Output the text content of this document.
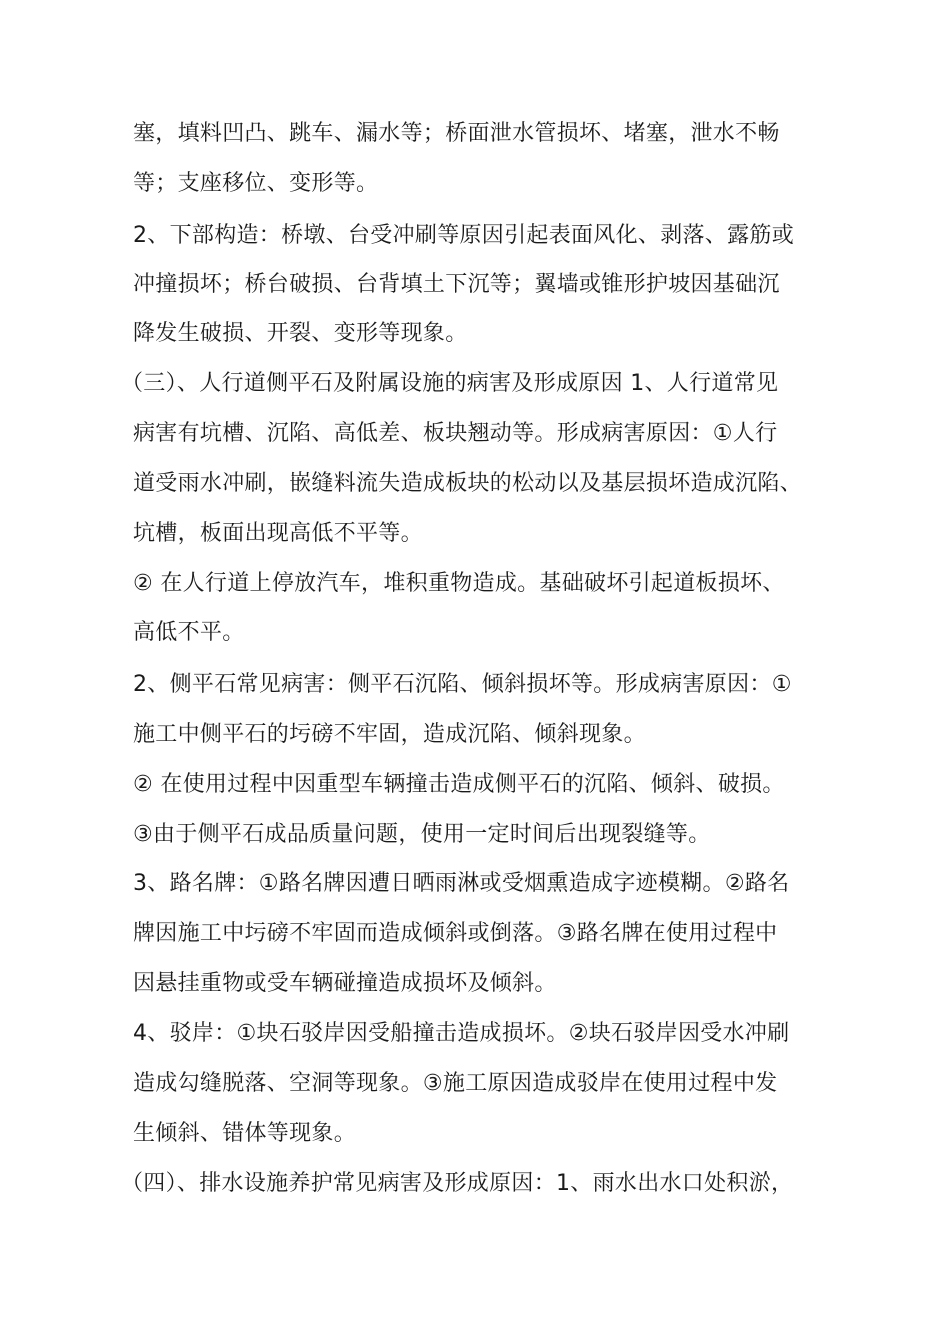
塞，填料凹凸、跳车、漏水等；桥面泄水管损坏、堵塞，泄水不畅

等；支座移位、变形等。

2、下部构造：桥墩、台受冲刷等原因引起表面风化、剥落、露筋或

冲撞损坏；桥台破损、台背填土下沉等；翼墙或锥形护坡因基础沉

降发生破损、开裂、变形等现象。

（三）、人行道侧平石及附属设施的病害及形成原因 1、人行道常见

病害有坑槽、沉陷、高低差、板块翘动等。形成病害原因：①人行

道受雨水冲刷，嵌缝料流失造成板块的松动以及基层损坏造成沉陷、

坑槽，板面出现高低不平等。

② 在人行道上停放汽车，堆积重物造成。基础破坏引起道板损坏、

高低不平。

2、侧平石常见病害：侧平石沉陷、倾斜损坏等。形成病害原因：①

施工中侧平石的圬磅不牢固，造成沉陷、倾斜现象。

② 在使用过程中因重型车辆撞击造成侧平石的沉陷、倾斜、破损。

③由于侧平石成品质量问题，使用一定时间后出现裂缝等。

3、路名牌：①路名牌因遭日晒雨淋或受烟熏造成字迹模糊。②路名

牌因施工中圬磅不牢固而造成倾斜或倒落。③路名牌在使用过程中

因悬挂重物或受车辆碰撞造成损坏及倾斜。

4、驳岸：①块石驳岸因受船撞击造成损坏。②块石驳岸因受水冲刷

造成勾缝脱落、空洞等现象。③施工原因造成驳岸在使用过程中发

生倾斜、错体等现象。

（四）、排水设施养护常见病害及形成原因：1、雨水出水口处积淤，
